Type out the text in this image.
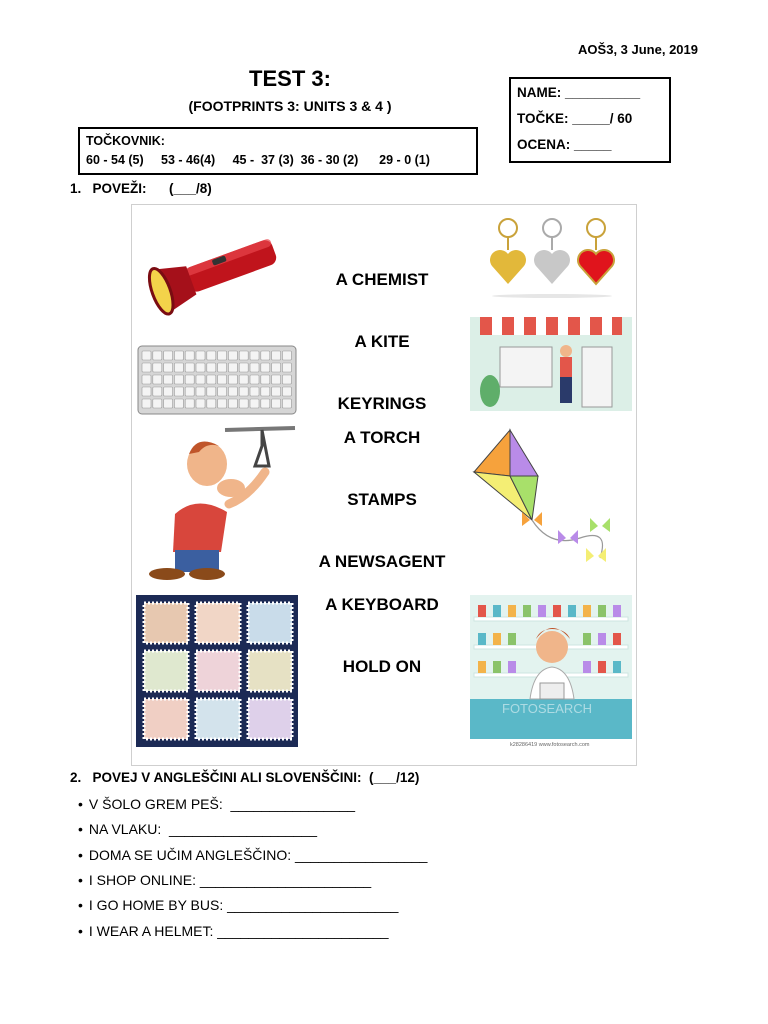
AOŠ3, 3 June, 2019
TEST 3:
(FOOTPRINTS 3: UNITS 3 & 4 )
NAME: __________
TOČKE: _____/ 60
OCENA: _____
TOČKOVNIK:
60 - 54 (5)     53 - 46(4)     45 -  37 (3)  36 - 30 (2)      29 - 0 (1)
1.   POVEŽI:      (___/8)
FOTOSEARCH
k28286419 www.fotosearch.com
A CHEMIST
A KITE
KEYRINGS
A TORCH
STAMPS
A NEWSAGENT
A KEYBOARD
HOLD ON
2.   POVEJ V ANGLEŠČINI ALI SLOVENŠČINI:  (___/12)
• V ŠOLO GREM PEŠ:  ________________
• NA VLAKU:  ___________________
• DOMA SE UČIM ANGLEŠČINO: _________________
• I SHOP ONLINE: ______________________
• I GO HOME BY BUS: ______________________
• I WEAR A HELMET: ______________________
